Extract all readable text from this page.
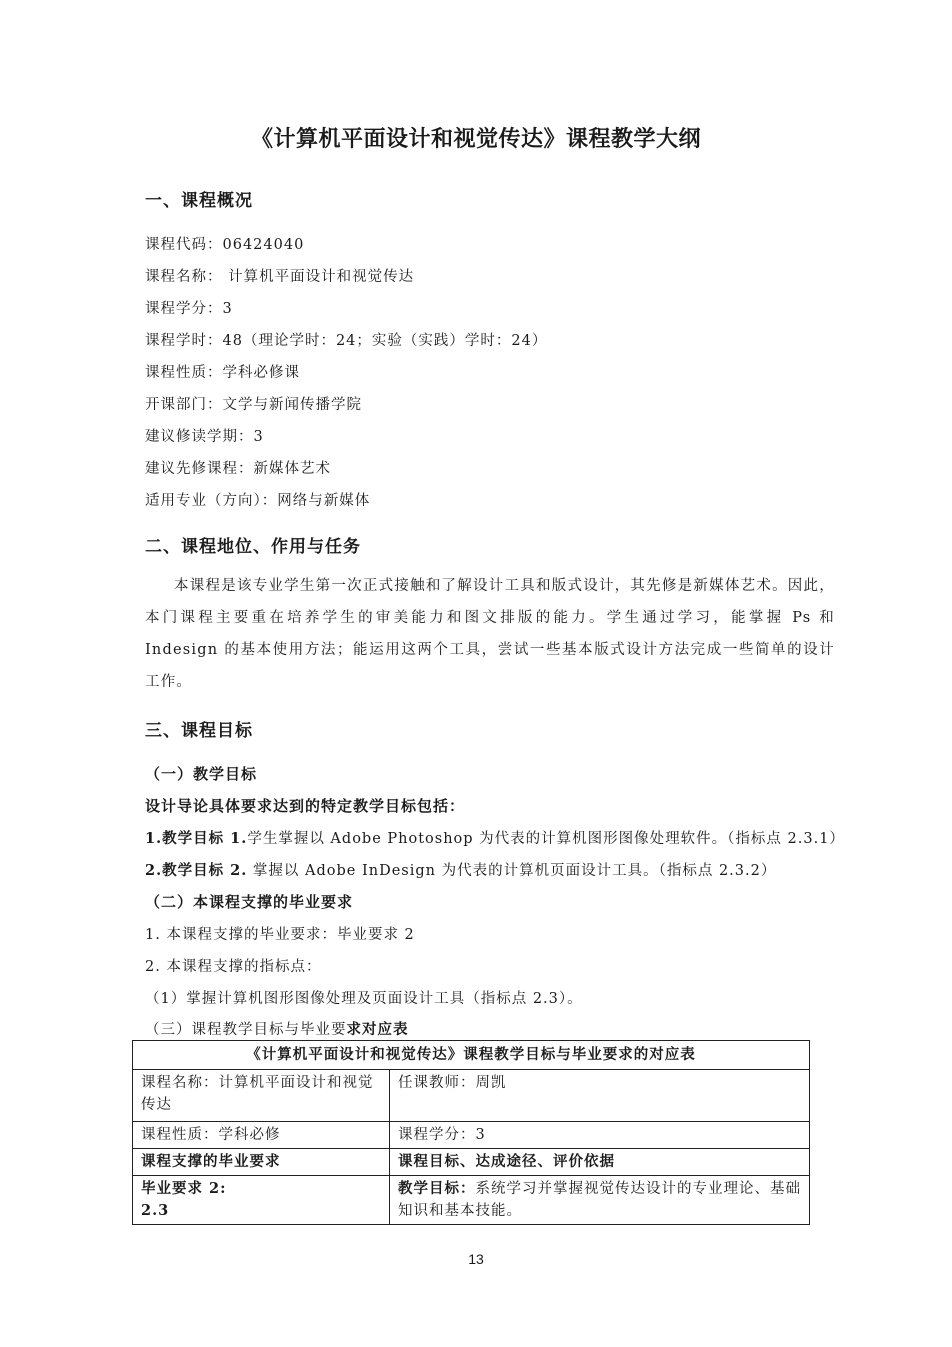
《计算机平面设计和视觉传达》课程教学大纲
一、课程概况
课程代码：06424040
课程名称： 计算机平面设计和视觉传达
课程学分：3
课程学时：48（理论学时：24；实验（实践）学时：24）
课程性质：学科必修课
开课部门：文学与新闻传播学院
建议修读学期：3
建议先修课程：新媒体艺术
适用专业（方向）：网络与新媒体
二、课程地位、作用与任务
本课程是该专业学生第一次正式接触和了解设计工具和版式设计，其先修是新媒体艺术。因此，本门课程主要重在培养学生的审美能力和图文排版的能力。学生通过学习，能掌握 Ps 和 Indesign 的基本使用方法；能运用这两个工具，尝试一些基本版式设计方法完成一些简单的设计工作。
三、课程目标
（一）教学目标
设计导论具体要求达到的特定教学目标包括：
1.教学目标 1.学生掌握以 Adobe Photoshop 为代表的计算机图形图像处理软件。（指标点 2.3.1）
2.教学目标 2. 掌握以 Adobe InDesign 为代表的计算机页面设计工具。（指标点 2.3.2）
（二）本课程支撑的毕业要求
1. 本课程支撑的毕业要求：毕业要求 2
2. 本课程支撑的指标点：
（1）掌握计算机图形图像处理及页面设计工具（指标点 2.3）。
（三）课程教学目标与毕业要求对应表
《计算机平面设计和视觉传达》课程教学目标与毕业要求的对应表	
课程名称：计算机平面设计和视觉传达	任课教师：周凯
课程性质：学科必修	课程学分：3
课程支撑的毕业要求	课程目标、达成途径、评价依据

毕业要求 2:
2.3	教学目标：系统学习并掌握视觉传达设计的专业理论、基础知识和基本技能。
13
